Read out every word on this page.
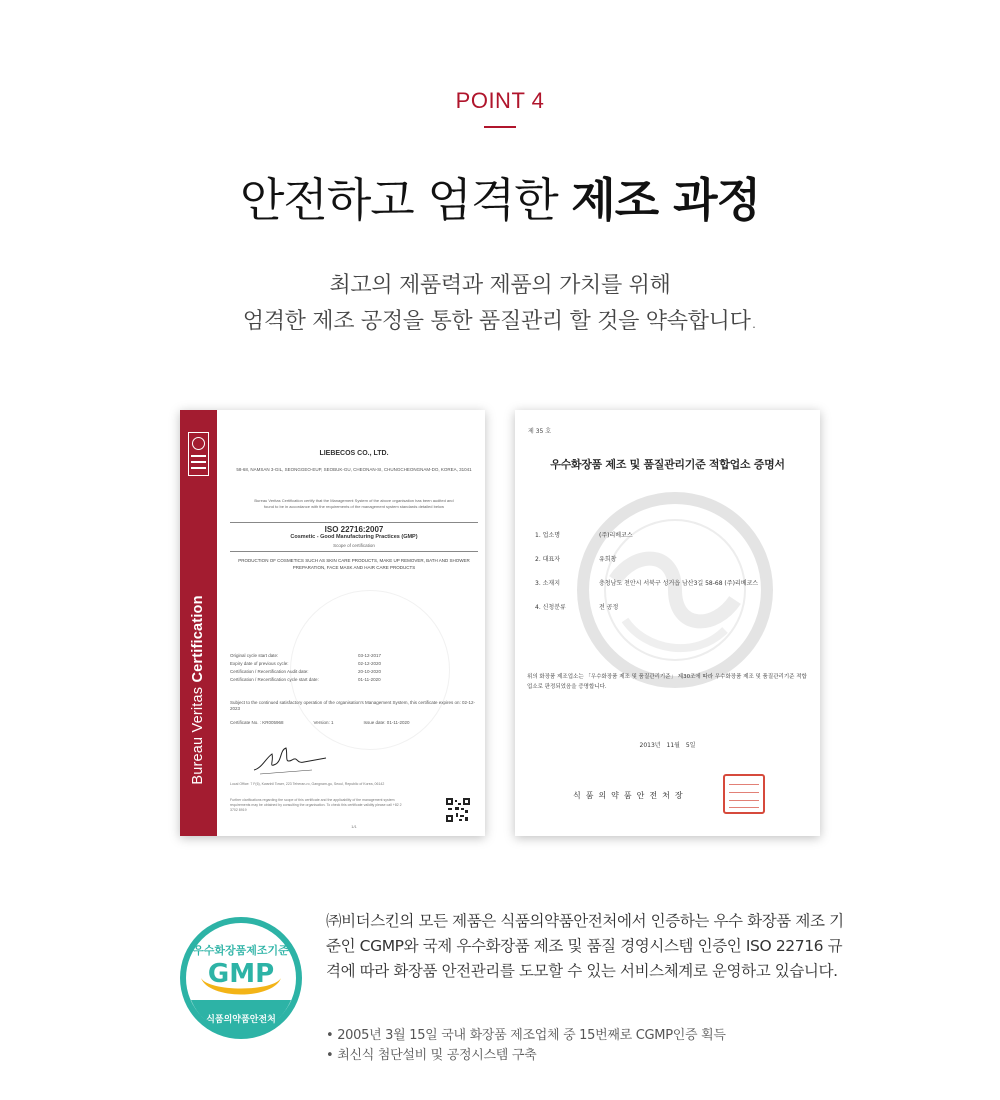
POINT 4
안전하고 엄격한 제조 과정
최고의 제품력과 제품의 가치를 위해
엄격한 제조 공정을 통한 품질관리 할 것을 약속합니다.
Bureau Veritas Certification
LIEBECOS CO., LTD.
58-68, NAMSAN 3-GIL, SEONGGEO-EUP, SEOBUK-GU, CHEONAN-SI, CHUNGCHEONGNAM-DO, KOREA, 31041
Bureau Veritas Certification certify that the Management System of the above organisation has been audited and found to be in accordance with the requirements of the management system standards detailed below
ISO 22716:2007
Cosmetic - Good Manufacturing Practices (GMP)
Scope of certification
PRODUCTION OF COSMETICS SUCH AS SKIN CARE PRODUCTS, MAKE UP REMOVER, BATH AND SHOWER PREPARATION, FACE MASK AND HAIR CARE PRODUCTS
Original cycle start date:	03-12-2017
Expiry date of previous cycle:	02-12-2020
Certification / Recertification Audit date:	20-10-2020
Certification / Recertification cycle start date:	01-11-2020
Subject to the continued satisfactory operation of the organisation's Management System, this certificate expires on: 02-12-2023
Certificate No. : KR005968	Version: 1	Issue date: 01-11-2020
Local Office: 7 F(6), Kwanhil Tower, 223 Teheran-ro, Gangnam-gu, Seoul, Republic of Korea, 06142
Further clarifications regarding the scope of this certificate and the applicability of the management system requirements may be obtained by consulting the organisation. To check this certificate validity please call +82 2 3702 8919
1/1
제 35 호
우수화장품 제조 및 품질관리기준 적합업소 증명서
1. 업소명	(주)리베코스
2. 대표자	유희창
3. 소재지	충청남도 천안시 서북구 성거읍 남산3길 58-68 (주)리베코스
4. 신청분류	전 공정
위의 화장품 제조업소는 「우수화장품 제조 및 품질관리기준」 제30조에 따라 우수화장품 제조 및 품질관리기준 적합업소로 판정되었음을 증명합니다.
2013년 11월 5일
식품의약품안전처장
우수화장품제조기준
GMP
식품의약품안전처

㈜비더스킨의 모든 제품은 식품의약품안전처에서 인증하는 우수 화장품 제조 기준인 CGMP와 국제 우수화장품 제조 및 품질 경영시스템 인증인 ISO 22716 규격에 따라 화장품 안전관리를 도모할 수 있는 서비스체계로 운영하고 있습니다.

• 2005년 3월 15일 국내 화장품 제조업체 중 15번째로 CGMP인증 획득
• 최신식 첨단설비 및 공정시스템 구축
